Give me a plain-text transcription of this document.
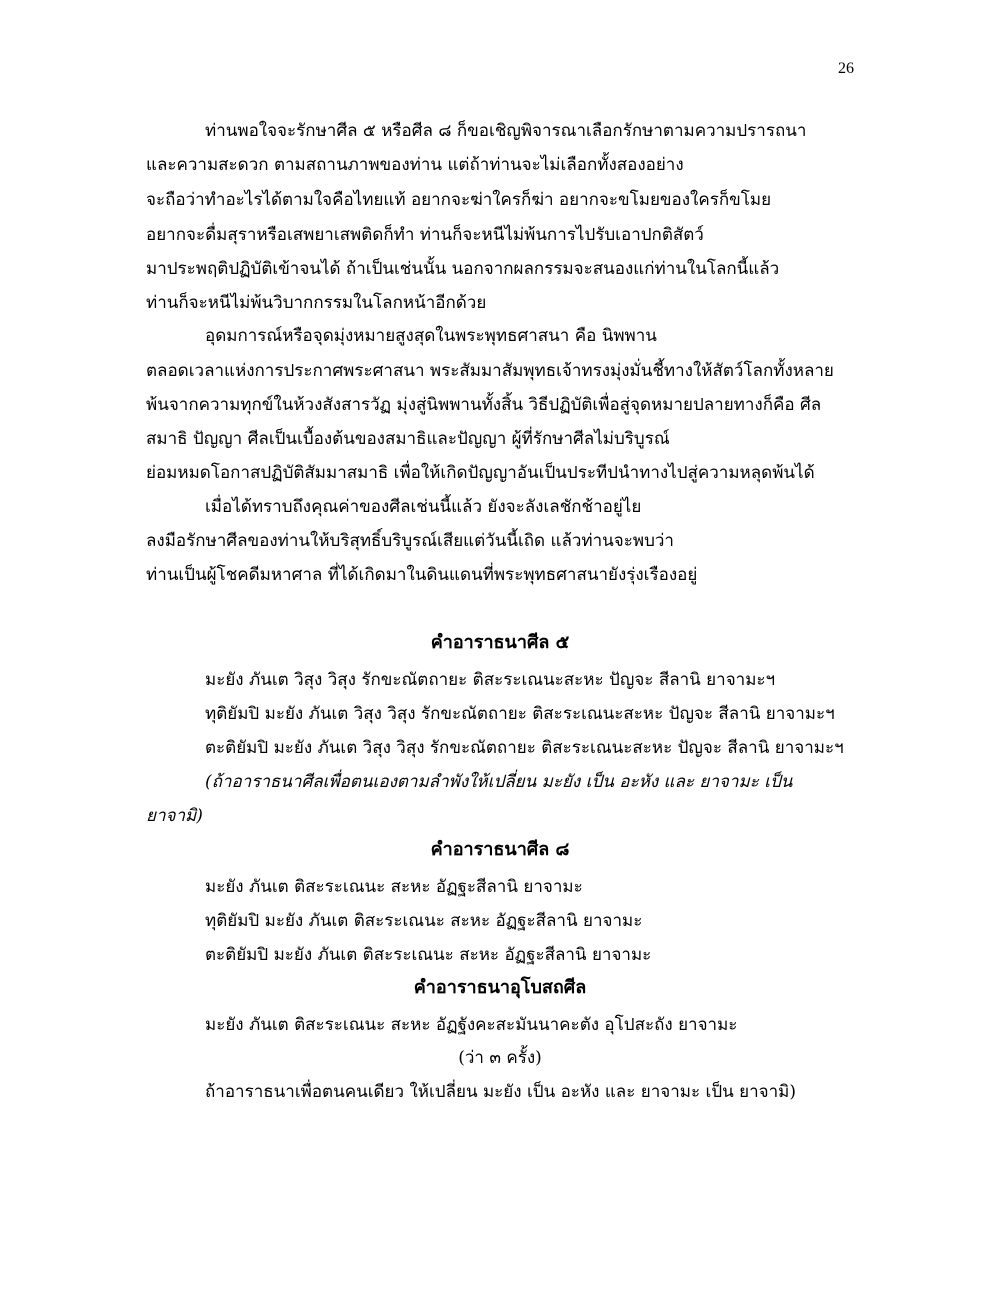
26
ท่านพอใจจะรักษาศีล ๕ หรือศีล ๘ ก็ขอเชิญพิจารณาเลือกรักษาตามความปรารถนา
และความสะดวก ตามสถานภาพของท่าน แต่ถ้าท่านจะไม่เลือกทั้งสองอย่าง
จะถือว่าทำอะไรได้ตามใจคือไทยแท้ อยากจะฆ่าใครก็ฆ่า อยากจะขโมยของใครก็ขโมย
อยากจะดื่มสุราหรือเสพยาเสพติดก็ทำ ท่านก็จะหนีไม่พ้นการไปรับเอาปกติสัตว์
มาประพฤติปฏิบัติเข้าจนได้ ถ้าเป็นเช่นนั้น นอกจากผลกรรมจะสนองแก่ท่านในโลกนี้แล้ว
ท่านก็จะหนีไม่พ้นวิบากกรรมในโลกหน้าอีกด้วย
อุดมการณ์หรือจุดมุ่งหมายสูงสุดในพระพุทธศาสนา คือ นิพพาน
ตลอดเวลาแห่งการประกาศพระศาสนา พระสัมมาสัมพุทธเจ้าทรงมุ่งมั่นชี้ทางให้สัตว์โลกทั้งหลาย
พ้นจากความทุกข์ในห้วงสังสารวัฏ มุ่งสู่นิพพานทั้งสิ้น วิธีปฏิบัติเพื่อสู่จุดหมายปลายทางก็คือ ศีล
สมาธิ ปัญญา ศีลเป็นเบื้องต้นของสมาธิและปัญญา ผู้ที่รักษาศีลไม่บริบูรณ์
ย่อมหมดโอกาสปฏิบัติสัมมาสมาธิ เพื่อให้เกิดปัญญาอันเป็นประทีปนำทางไปสู่ความหลุดพ้นได้
เมื่อได้ทราบถึงคุณค่าของศีลเช่นนี้แล้ว ยังจะลังเลชักช้าอยู่ไย
ลงมือรักษาศีลของท่านให้บริสุทธิ์บริบูรณ์เสียแต่วันนี้เถิด แล้วท่านจะพบว่า
ท่านเป็นผู้โชคดีมหาศาล ที่ได้เกิดมาในดินแดนที่พระพุทธศาสนายังรุ่งเรืองอยู่
คำอาราธนาศีล ๕
มะยัง ภันเต วิสุง วิสุง รักขะณัตถายะ ติสะระเณนะสะหะ ปัญจะ สีลานิ ยาจามะฯ
ทุติยัมปิ มะยัง ภันเต วิสุง วิสุง รักขะณัตถายะ ติสะระเณนะสะหะ ปัญจะ สีลานิ ยาจามะฯ
ตะติยัมปิ มะยัง ภันเต วิสุง วิสุง รักขะณัตถายะ ติสะระเณนะสะหะ ปัญจะ สีลานิ ยาจามะฯ
(ถ้าอาราธนาศีลเพื่อตนเองตามลำพังให้เปลี่ยน มะยัง เป็น อะหัง และ ยาจามะ เป็น
ยาจามิ)
คำอาราธนาศีล ๘
มะยัง ภันเต ติสะระเณนะ สะหะ อัฏฐะสีลานิ ยาจามะ
ทุติยัมปิ มะยัง ภันเต ติสะระเณนะ สะหะ อัฏฐะสีลานิ ยาจามะ
ตะติยัมปิ มะยัง ภันเต ติสะระเณนะ สะหะ อัฏฐะสีลานิ ยาจามะ
คำอาราธนาอุโบสถศีล
มะยัง ภันเต ติสะระเณนะ สะหะ อัฏฐังคะสะมันนาคะตัง อุโปสะถัง ยาจามะ
(ว่า ๓ ครั้ง)
ถ้าอาราธนาเพื่อตนคนเดียว ให้เปลี่ยน มะยัง เป็น อะหัง และ ยาจามะ เป็น ยาจามิ)
